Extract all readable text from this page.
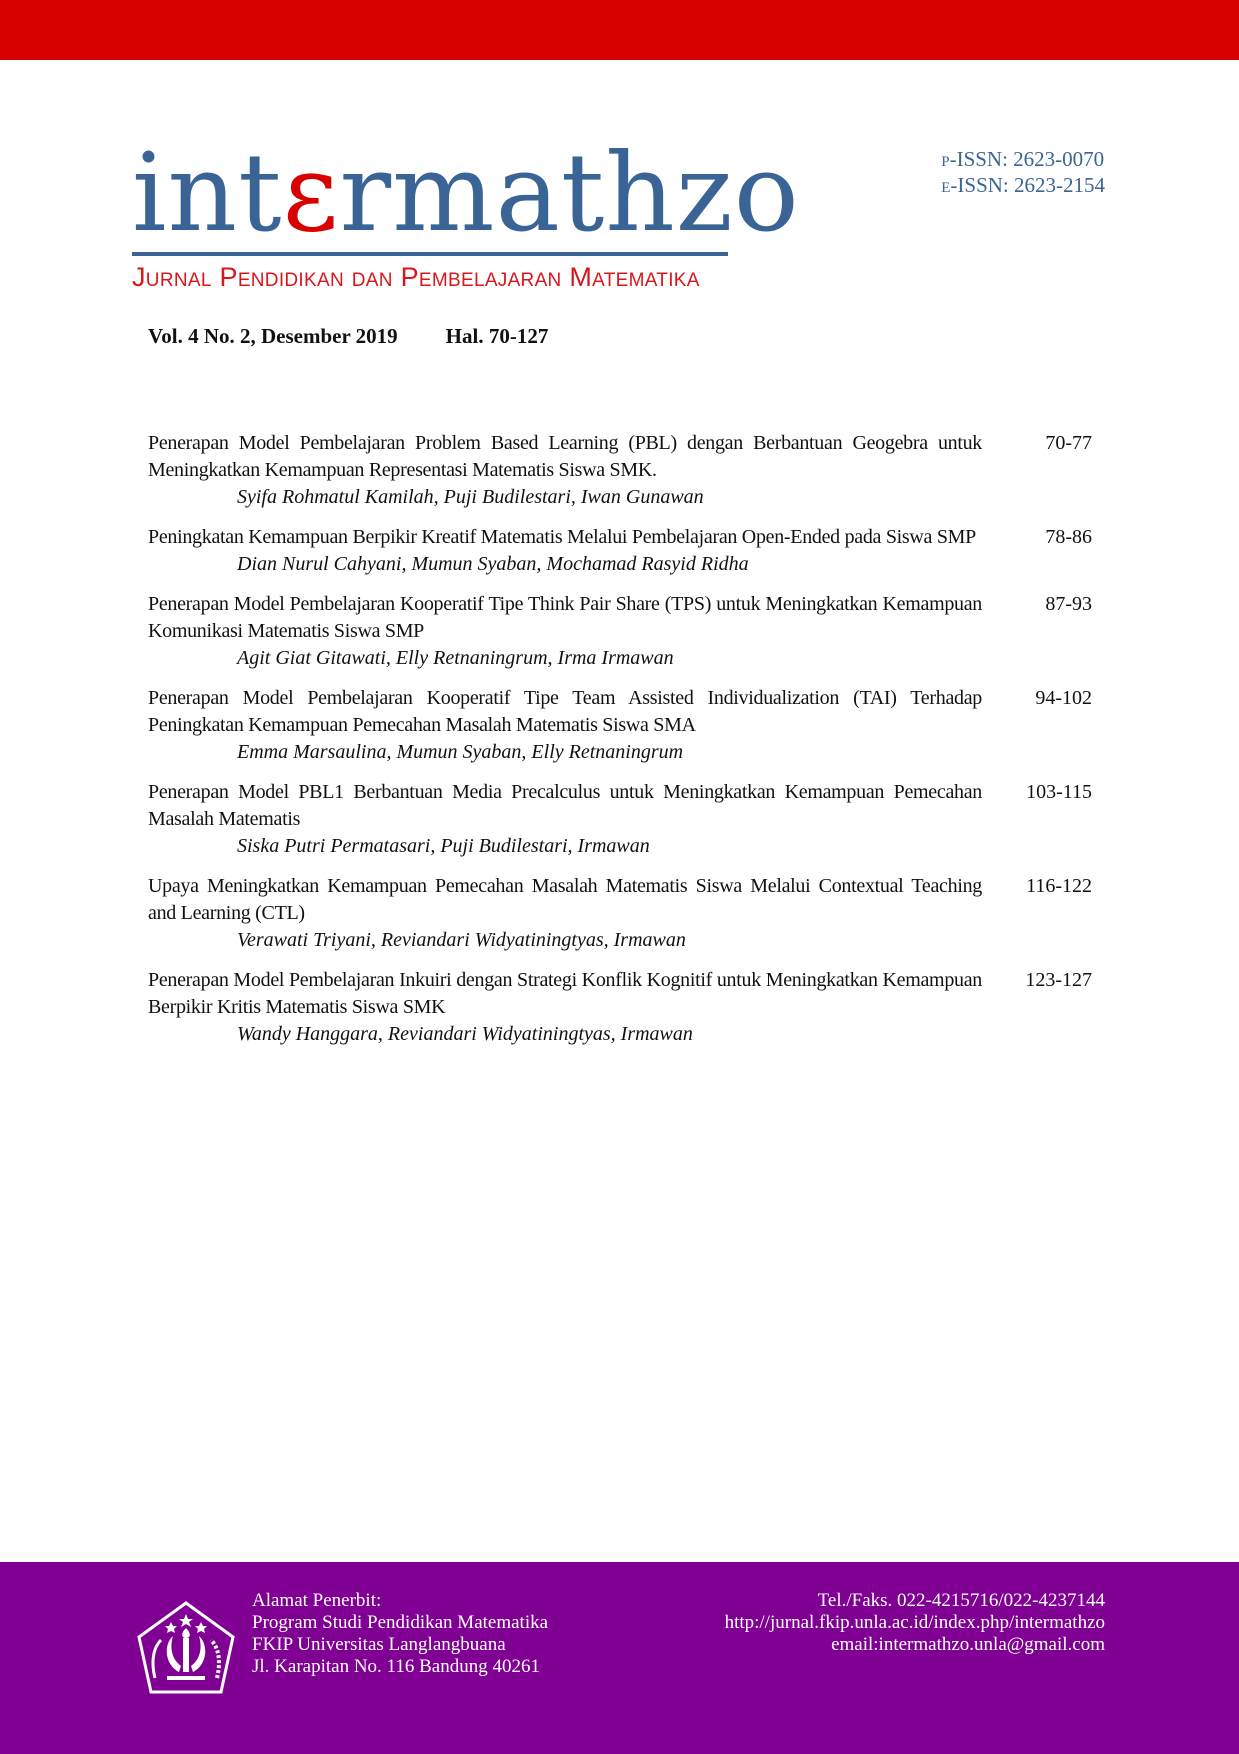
intεrmathzo
Jurnal Pendidikan dan Pembelajaran Matematika
p-ISSN: 2623-0070
e-ISSN: 2623-2154
Vol. 4 No. 2, Desember 2019 Hal. 70-127
Penerapan Model Pembelajaran Problem Based Learning (PBL) dengan Berbantuan Geogebra untuk Meningkatkan Kemampuan Representasi Matematis Siswa SMK.
70-77
Syifa Rohmatul Kamilah, Puji Budilestari, Iwan Gunawan
Peningkatan Kemampuan Berpikir Kreatif Matematis Melalui Pembelajaran Open-Ended pada Siswa SMP	78-86
Dian Nurul Cahyani, Mumun Syaban, Mochamad Rasyid Ridha
Penerapan Model Pembelajaran Kooperatif Tipe Think Pair Share (TPS) untuk Meningkatkan Kemampuan Komunikasi Matematis Siswa SMP
87-93
Agit Giat Gitawati, Elly Retnaningrum, Irma Irmawan
Penerapan Model Pembelajaran Kooperatif Tipe Team Assisted Individualization (TAI) Terhadap Peningkatan Kemampuan Pemecahan Masalah Matematis Siswa SMA
94-102
Emma Marsaulina, Mumun Syaban, Elly Retnaningrum
Penerapan Model PBL1 Berbantuan Media Precalculus untuk Meningkatkan Kemampuan Pemecahan Masalah Matematis
103-115
Siska Putri Permatasari, Puji Budilestari, Irmawan
Upaya Meningkatkan Kemampuan Pemecahan Masalah Matematis Siswa Melalui Contextual Teaching and Learning (CTL)
116-122
Verawati Triyani, Reviandari Widyatiningtyas, Irmawan
Penerapan Model Pembelajaran Inkuiri dengan Strategi Konflik Kognitif untuk Meningkatkan Kemampuan Berpikir Kritis Matematis Siswa SMK
123-127
Wandy Hanggara, Reviandari Widyatiningtyas, Irmawan
Alamat Penerbit:
Program Studi Pendidikan Matematika
FKIP Universitas Langlangbuana
Jl. Karapitan No. 116 Bandung 40261
Tel./Faks. 022-4215716/022-4237144
http://jurnal.fkip.unla.ac.id/index.php/intermathzo
email:intermathzo.unla@gmail.com
